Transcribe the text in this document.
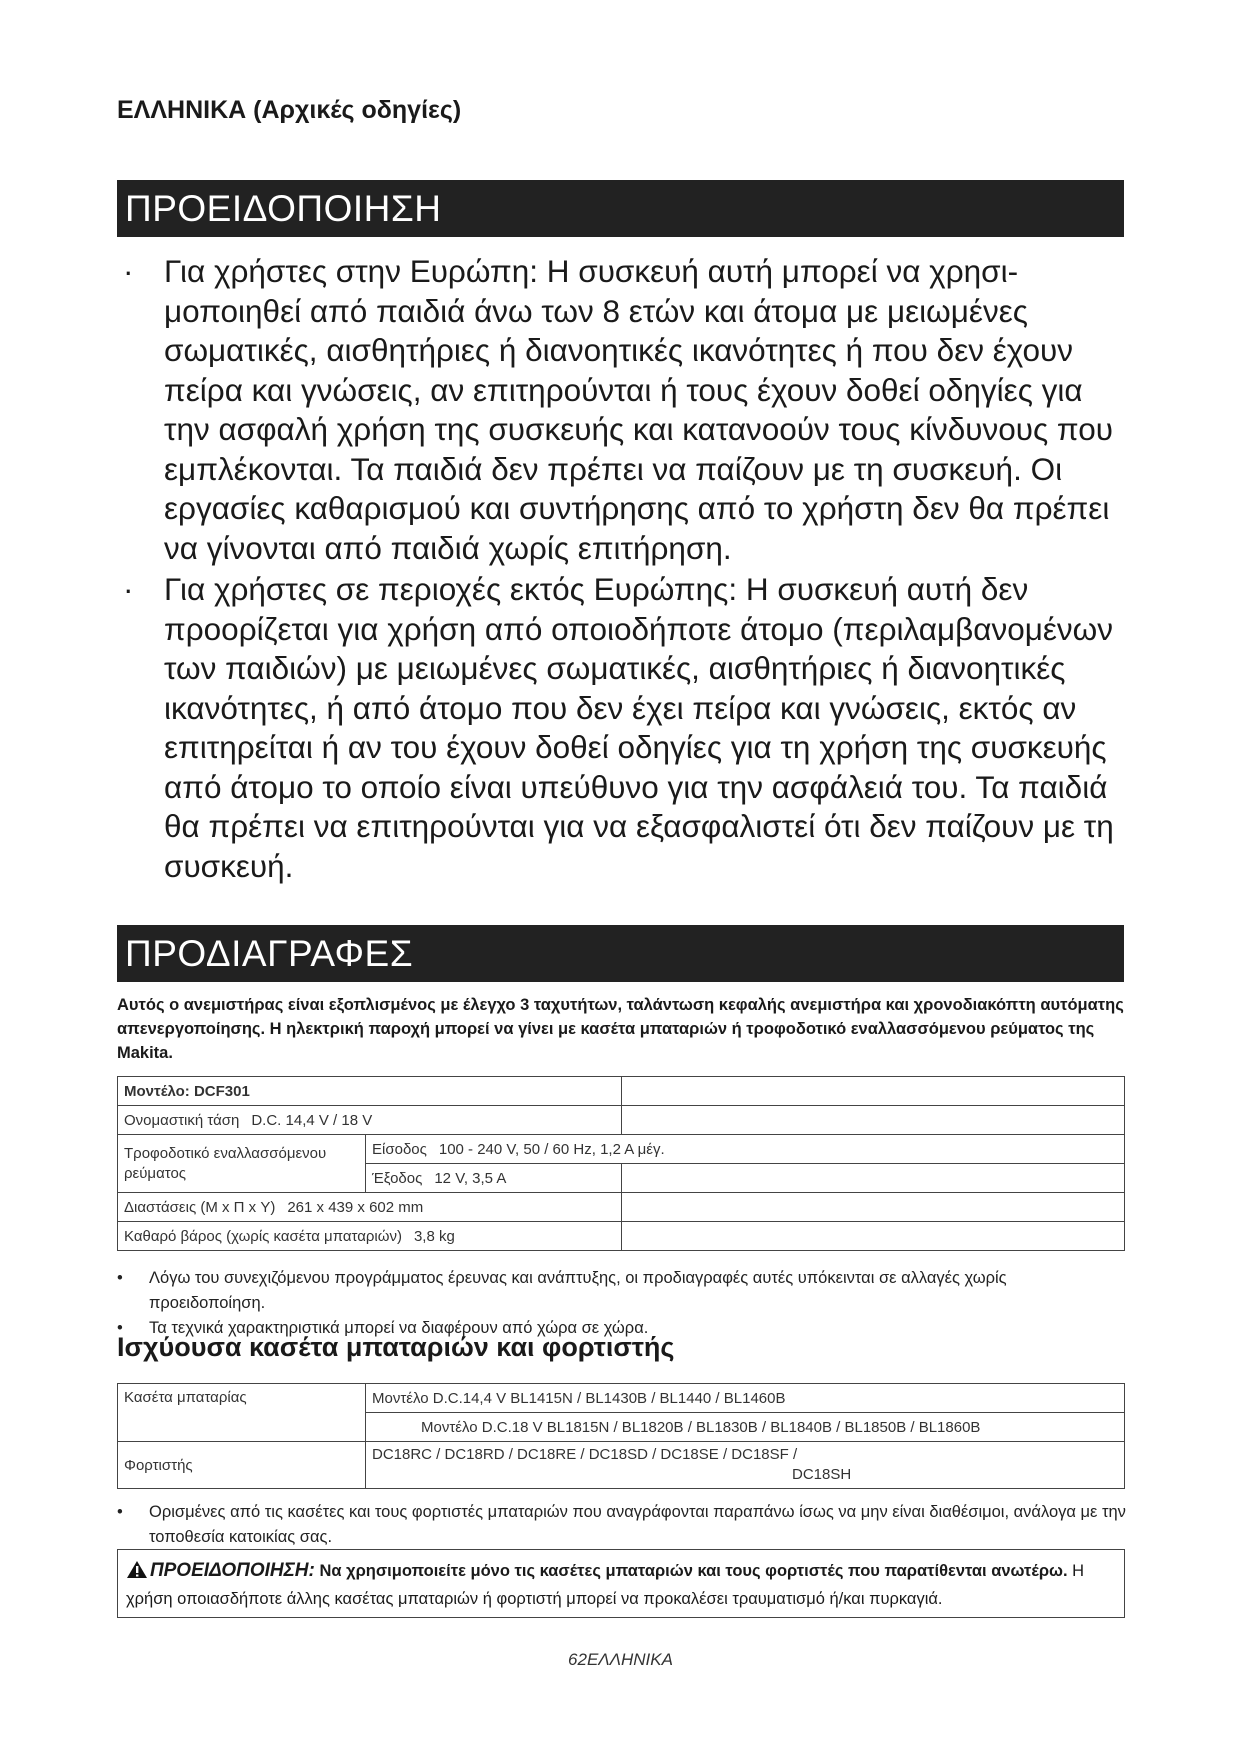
ΕΛΛΗΝΙΚΑ (Αρχικές οδηγίες)
ΠΡΟΕΙΔΟΠΟΙΗΣΗ
· Για χρήστες στην Ευρώπη: Η συσκευή αυτή μπορεί να χρησι- μοποιηθεί από παιδιά άνω των 8 ετών και άτομα με μειωμένες σωματικές, αισθητήριες ή διανοητικές ικανότητες ή που δεν έχουν πείρα και γνώσεις, αν επιτηρούνται ή τους έχουν δοθεί οδηγίες για την ασφαλή χρήση της συσκευής και κατανοούν τους κίνδυνους που εμπλέκονται. Τα παιδιά δεν πρέπει να παίζουν με τη συσκευή. Οι εργασίες καθαρισμού και συντήρησης από το χρήστη δεν θα πρέπει να γίνονται από παιδιά χωρίς επιτήρηση.
· Για χρήστες σε περιοχές εκτός Ευρώπης: Η συσκευή αυτή δεν προορίζεται για χρήση από οποιοδήποτε άτομο (περιλαμβανομένων των παιδιών) με μειωμένες σωματικές, αισθητήριες ή διανοητικές ικανότητες, ή από άτομο που δεν έχει πείρα και γνώσεις, εκτός αν επιτηρείται ή αν του έχουν δοθεί οδηγίες για τη χρήση της συσκευής από άτομο το οποίο είναι υπεύθυνο για την ασφάλειά του. Τα παιδιά θα πρέπει να επιτηρούνται για να εξασφαλιστεί ότι δεν παίζουν με τη συσκευή.
ΠΡΟΔΙΑΓΡΑΦΕΣ
Αυτός ο ανεμιστήρας είναι εξοπλισμένος με έλεγχο 3 ταχυτήτων, ταλάντωση κεφαλής ανεμιστήρα και χρονοδιακόπτη αυτόματης απενεργοποίησης. Η ηλεκτρική παροχή μπορεί να γίνει με κασέτα μπαταριών ή τροφοδοτικό εναλλασσόμενου ρεύματος της Makita.
Μοντέλο: DCF301		
Ονομαστική τάση D.C. 14,4 V / 18 V		
Τροφοδοτικό εναλλασσόμενου ρεύματος	Είσοδος 100 - 240 V, 50 / 60 Hz, 1,2 A μέγ.	
	Έξοδος 12 V, 3,5 A	
Διαστάσεις (Μ x Π x Υ) 261 x 439 x 602 mm		
Καθαρό βάρος (χωρίς κασέτα μπαταριών) 3,8 kg		
• Λόγω του συνεχιζόμενου προγράμματος έρευνας και ανάπτυξης, οι προδιαγραφές αυτές υπόκεινται σε αλλαγές χωρίς προειδοποίηση.
• Τα τεχνικά χαρακτηριστικά μπορεί να διαφέρουν από χώρα σε χώρα.
Ισχύουσα κασέτα μπαταριών και φορτιστής
Κασέτα μπαταρίας	Μοντέλο D.C.14,4 V BL1415N / BL1430B / BL1440 / BL1460B
	Μοντέλο D.C.18 V BL1815N / BL1820B / BL1830B / BL1840B / BL1850B / BL1860B
Φορτιστής	DC18RC / DC18RD / DC18RE / DC18SD / DC18SE / DC18SF /
DC18SH
• Ορισμένες από τις κασέτες και τους φορτιστές μπαταριών που αναγράφονται παραπάνω ίσως να μην είναι διαθέσιμοι, ανάλογα με την τοποθεσία κατοικίας σας.
ΠΡΟΕΙΔΟΠΟΙΗΣΗ: Να χρησιμοποιείτε μόνο τις κασέτες μπαταριών και τους φορτιστές που παρατίθενται ανωτέρω. Η χρήση οποιασδήποτε άλλης κασέτας μπαταριών ή φορτιστή μπορεί να προκαλέσει τραυματισμό ή/και πυρκαγιά.
62ΕΛΛΗΝΙΚΑ
